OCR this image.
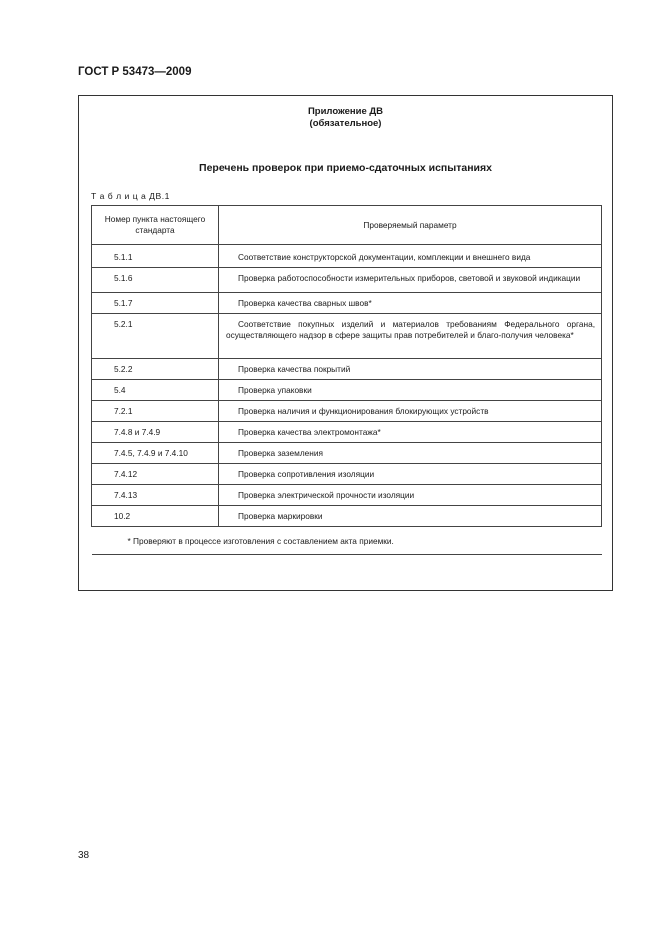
ГОСТ Р 53473—2009
Приложение ДВ
(обязательное)
Перечень проверок при приемо-сдаточных испытаниях
Т а б л и ц а ДВ.1
Номер пункта настоящего стандарта	Проверяемый параметр
5.1.1	Соответствие конструкторской документации, комплекции и внешнего вида
5.1.6	Проверка работоспособности измерительных приборов, световой и звуковой индикации
5.1.7	Проверка качества сварных швов*
5.2.1	Соответствие покупных изделий и материалов требованиям Федерального органа, осуществляющего надзор в сфере защиты прав потребителей и благо-получия человека*
5.2.2	Проверка качества покрытий
5.4	Проверка упаковки
7.2.1	Проверка наличия и функционирования блокирующих устройств
7.4.8 и 7.4.9	Проверка качества электромонтажа*
7.4.5, 7.4.9 и 7.4.10	Проверка заземления
7.4.12	Проверка сопротивления изоляции
7.4.13	Проверка электрической прочности изоляции
10.2	Проверка маркировки
* Проверяют в процессе изготовления с составлением акта приемки.	
38
